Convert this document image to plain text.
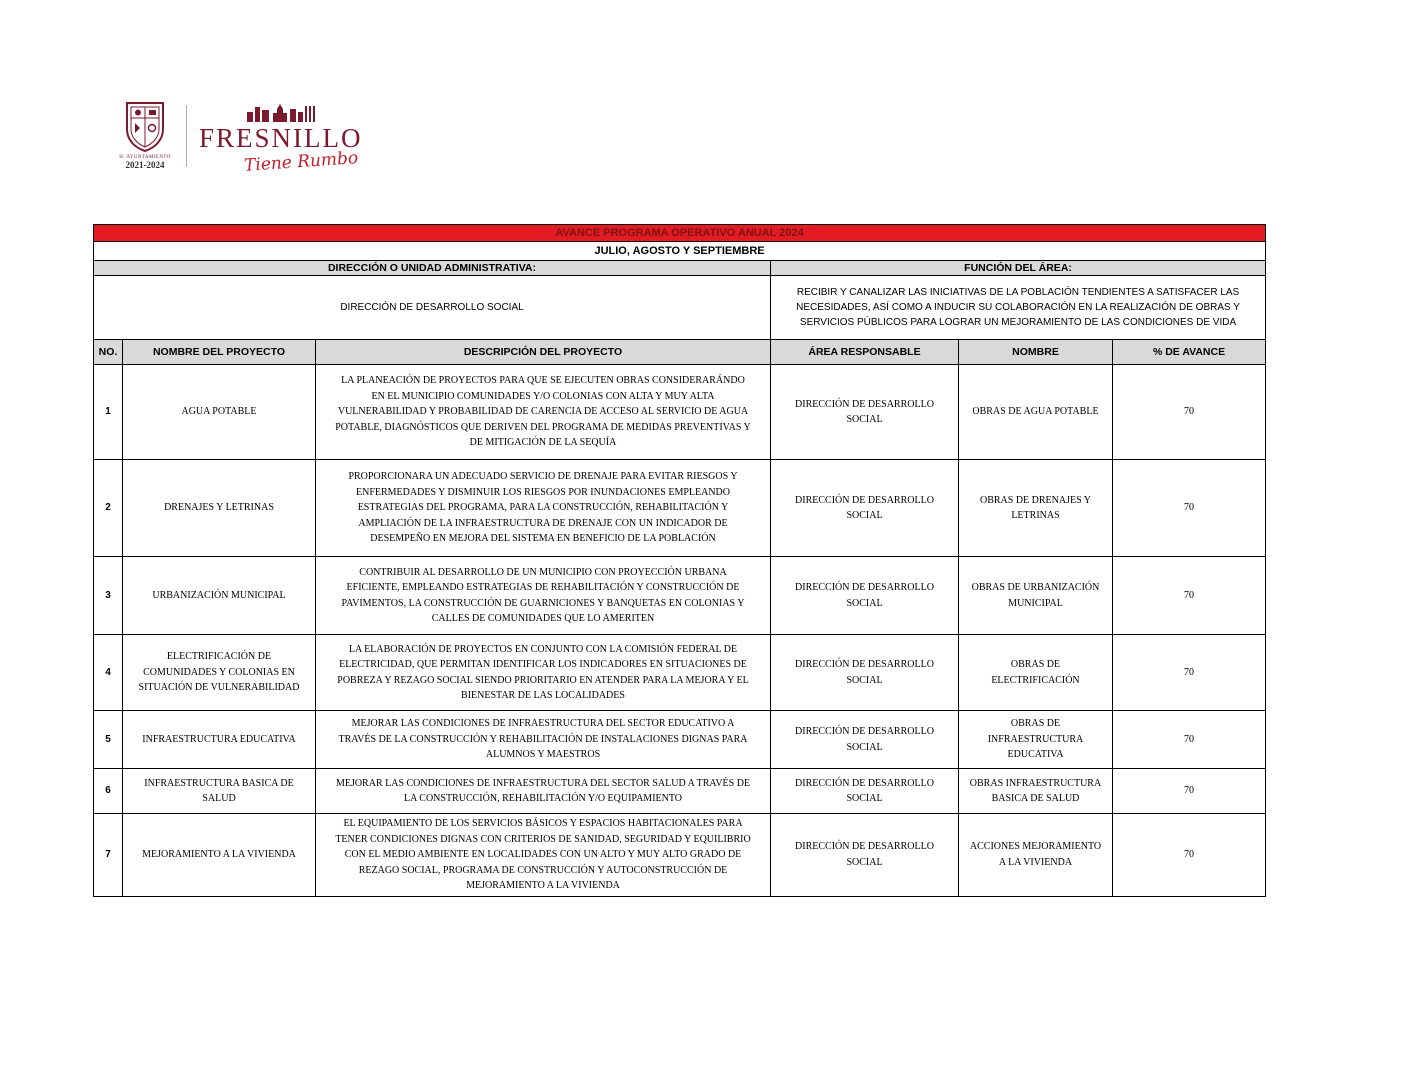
H. AYUNTAMIENTO
2021-2024
FRESNILLO
Tiene Rumbo
AVANCE PROGRAMA OPERATIVO ANUAL 2024					
JULIO, AGOSTO Y SEPTIEMBRE					
DIRECCIÓN O UNIDAD ADMINISTRATIVA:			FUNCIÓN DEL ÁREA:		
DIRECCIÓN DE DESARROLLO SOCIAL			RECIBIR Y CANALIZAR LAS INICIATIVAS DE LA POBLACIÓN TENDIENTES A SATISFACER LAS NECESIDADES, ASÍ COMO A INDUCIR SU COLABORACIÓN EN LA REALIZACIÓN DE OBRAS Y SERVICIOS PÚBLICOS PARA LOGRAR UN MEJORAMIENTO DE LAS CONDICIONES DE VIDA		
NO.	NOMBRE DEL PROYECTO	DESCRIPCIÓN DEL PROYECTO	ÁREA RESPONSABLE	NOMBRE	% DE AVANCE
1	AGUA POTABLE	LA PLANEACIÓN DE PROYECTOS PARA QUE SE EJECUTEN OBRAS CONSIDERARÁNDO EN EL MUNICIPIO COMUNIDADES Y/O COLONIAS CON ALTA Y MUY ALTA VULNERABILIDAD Y PROBABILIDAD DE CARENCIA DE ACCESO AL SERVICIO DE AGUA POTABLE, DIAGNÓSTICOS QUE DERIVEN DEL PROGRAMA DE MEDIDAS PREVENTIVAS Y DE MITIGACIÓN DE LA SEQUÍA	DIRECCIÓN DE DESARROLLO SOCIAL	OBRAS DE AGUA POTABLE	70
2	DRENAJES Y LETRINAS	PROPORCIONARA UN ADECUADO SERVICIO DE DRENAJE PARA EVITAR RIESGOS Y ENFERMEDADES Y DISMINUIR LOS RIESGOS POR INUNDACIONES EMPLEANDO ESTRATEGIAS DEL PROGRAMA, PARA LA CONSTRUCCIÓN, REHABILITACIÓN Y AMPLIACIÓN DE LA INFRAESTRUCTURA DE DRENAJE CON UN INDICADOR DE DESEMPEÑO EN MEJORA DEL SISTEMA EN BENEFICIO DE LA POBLACIÓN	DIRECCIÓN DE DESARROLLO SOCIAL	OBRAS DE DRENAJES Y LETRINAS	70
3	URBANIZACIÓN MUNICIPAL	CONTRIBUIR AL DESARROLLO DE UN MUNICIPIO CON PROYECCIÓN URBANA EFICIENTE, EMPLEANDO ESTRATEGIAS DE REHABILITACIÓN Y CONSTRUCCIÓN DE PAVIMENTOS, LA CONSTRUCCIÓN DE GUARNICIONES Y BANQUETAS EN COLONIAS Y CALLES DE COMUNIDADES QUE LO AMERITEN	DIRECCIÓN DE DESARROLLO SOCIAL	OBRAS DE URBANIZACIÓN MUNICIPAL	70
4	ELECTRIFICACIÓN DE COMUNIDADES Y COLONIAS EN SITUACIÓN DE VULNERABILIDAD	LA ELABORACIÓN DE PROYECTOS EN CONJUNTO CON LA COMISIÓN FEDERAL DE ELECTRICIDAD, QUE PERMITAN IDENTIFICAR LOS INDICADORES EN SITUACIONES DE POBREZA Y REZAGO SOCIAL SIENDO PRIORITARIO EN ATENDER PARA LA MEJORA Y EL BIENESTAR DE LAS LOCALIDADES	DIRECCIÓN DE DESARROLLO SOCIAL	OBRAS DE ELECTRIFICACIÓN	70
5	INFRAESTRUCTURA EDUCATIVA	MEJORAR LAS CONDICIONES DE INFRAESTRUCTURA DEL SECTOR EDUCATIVO A TRAVÉS DE LA CONSTRUCCIÓN Y REHABILITACIÓN DE INSTALACIONES DIGNAS PARA ALUMNOS Y MAESTROS	DIRECCIÓN DE DESARROLLO SOCIAL	OBRAS DE INFRAESTRUCTURA EDUCATIVA	70
6	INFRAESTRUCTURA BASICA DE SALUD	MEJORAR LAS CONDICIONES DE INFRAESTRUCTURA DEL SECTOR SALUD A TRAVÉS DE LA CONSTRUCCIÓN, REHABILITACIÓN Y/O EQUIPAMIENTO	DIRECCIÓN DE DESARROLLO SOCIAL	OBRAS INFRAESTRUCTURA BASICA DE SALUD	70
7	MEJORAMIENTO A LA VIVIENDA	EL EQUIPAMIENTO DE LOS SERVICIOS BÁSICOS Y ESPACIOS HABITACIONALES PARA TENER CONDICIONES DIGNAS CON CRITERIOS DE SANIDAD, SEGURIDAD Y EQUILIBRIO CON EL MEDIO AMBIENTE EN LOCALIDADES CON UN ALTO Y MUY ALTO GRADO DE REZAGO SOCIAL, PROGRAMA DE CONSTRUCCIÓN Y AUTOCONSTRUCCIÓN DE MEJORAMIENTO A LA VIVIENDA	DIRECCIÓN DE DESARROLLO SOCIAL	ACCIONES MEJORAMIENTO A LA VIVIENDA	70
